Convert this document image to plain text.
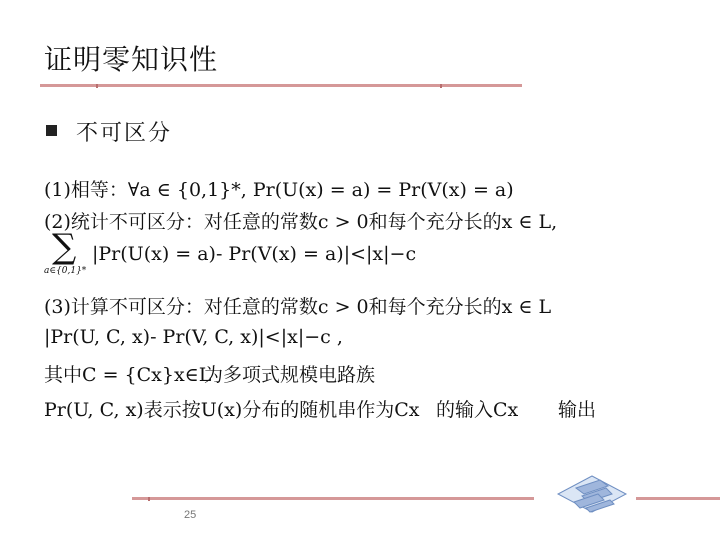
证明零知识性
不可区分
(1)相等：∀a ∈ {0,1}*, Pr(U(x) = a) = Pr(V(x) = a)
(2)统计不可区分：对任意的常数c > 0和每个充分长的x ∈ L,
∑
a∈{0,1}*
|Pr(U(x) = a)- Pr(V(x) = a)|<|x|−c
(3)计算不可区分：对任意的常数c > 0和每个充分长的x ∈ L
|Pr(U, C, x)- Pr(V, C, x)|<|x|−c ,
其中C = {Cx}x∈L
为多项式规模电路族
Pr(U, C, x)表示按U(x)分布的随机串作为Cx 的输入Cx 输出
25
